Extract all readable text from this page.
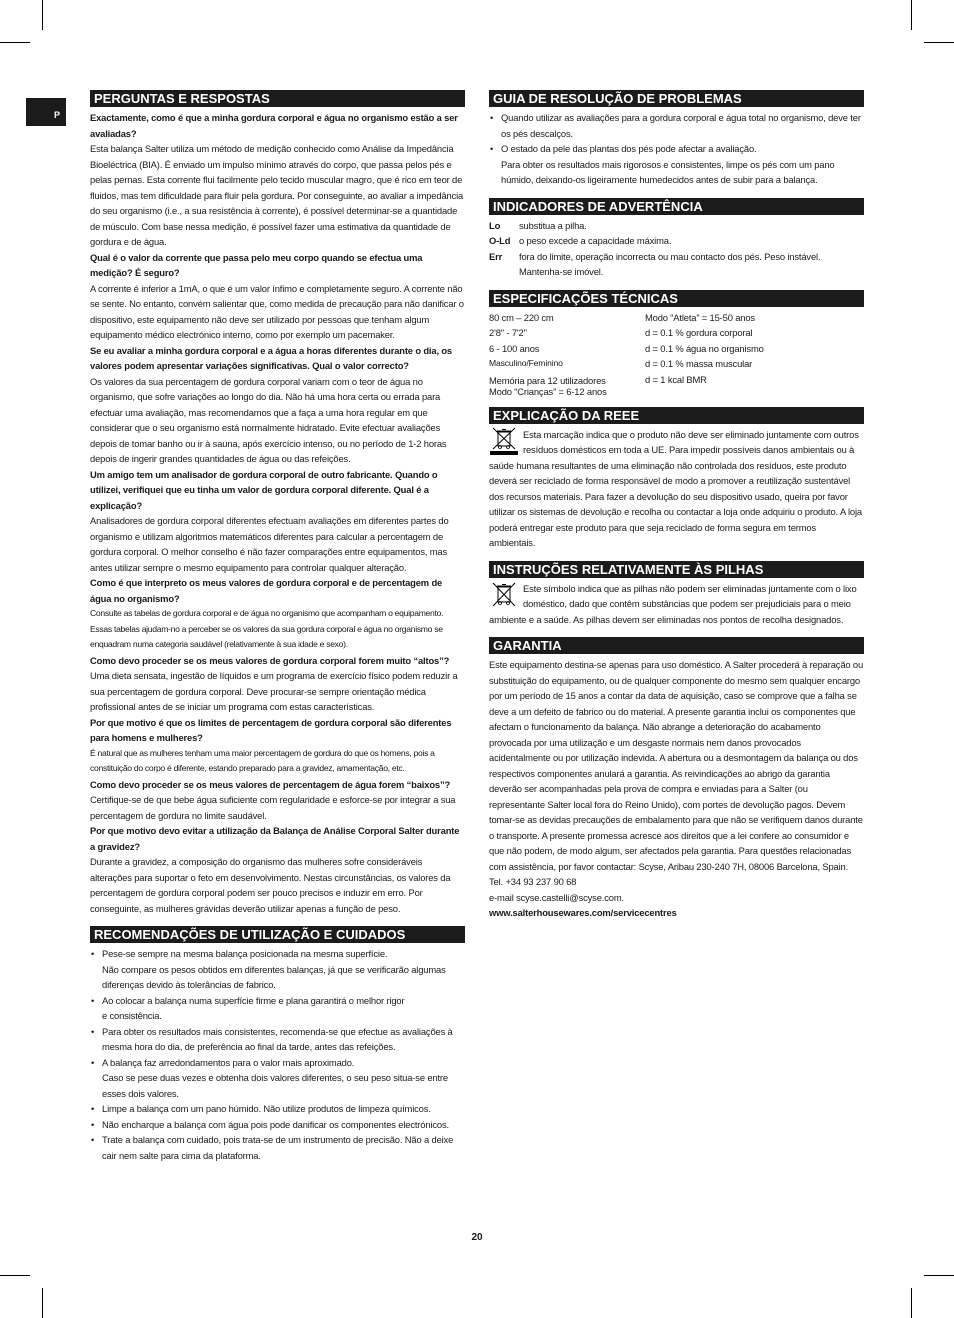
P
PERGUNTAS E RESPOSTAS

Exactamente, como é que a minha gordura corporal e água no organismo estão a ser avaliadas?

Esta balança Salter utiliza um método de medição conhecido como Análise da Impedância Bioeléctrica (BIA). É enviado um impulso mínimo através do corpo, que passa pelos pés e pelas pernas. Esta corrente flui facilmente pelo tecido muscular magro, que é rico em teor de fluidos, mas tem dificuldade para fluir pela gordura. Por conseguinte, ao avaliar a impedância do seu organismo (i.e., a sua resistência à corrente), é possível determinar-se a quantidade de músculo. Com base nessa medição, é possível fazer uma estimativa da quantidade de gordura e de água.

Qual é o valor da corrente que passa pelo meu corpo quando se efectua uma medição? É seguro?

A corrente é inferior a 1mA, o que é um valor ínfimo e completamente seguro. A corrente não se sente. No entanto, convém salientar que, como medida de precaução para não danificar o dispositivo, este equipamento não deve ser utilizado por pessoas que tenham algum equipamento médico electrónico interno, como por exemplo um pacemaker.

Se eu avaliar a minha gordura corporal e a água a horas diferentes durante o dia, os valores podem apresentar variações significativas. Qual o valor correcto?

Os valores da sua percentagem de gordura corporal variam com o teor de água no organismo, que sofre variações ao longo do dia. Não há uma hora certa ou errada para efectuar uma avaliação, mas recomendamos que a faça a uma hora regular em que considerar que o seu organismo está normalmente hidratado. Evite efectuar avaliações depois de tomar banho ou ir à sauna, após exercício intenso, ou no período de 1-2 horas depois de ingerir grandes quantidades de água ou das refeições.

Um amigo tem um analisador de gordura corporal de outro fabricante. Quando o utilizei, verifiquei que eu tinha um valor de gordura corporal diferente. Qual é a explicação?

Analisadores de gordura corporal diferentes efectuam avaliações em diferentes partes do organismo e utilizam algoritmos matemáticos diferentes para calcular a percentagem de gordura corporal. O melhor conselho é não fazer comparações entre equipamentos, mas antes utilizar sempre o mesmo equipamento para controlar qualquer alteração.

Como é que interpreto os meus valores de gordura corporal e de percentagem de água no organismo?

Consulte as tabelas de gordura corporal e de água no organismo que acompanham o equipamento. Essas tabelas ajudam-no a perceber se os valores da sua gordura corporal e água no organismo se enquadram numa categoria saudável (relativamente à sua idade e sexo).

Como devo proceder se os meus valores de gordura corporal forem muito “altos”?

Uma dieta sensata, ingestão de líquidos e um programa de exercício físico podem reduzir a sua percentagem de gordura corporal. Deve procurar-se sempre orientação médica profissional antes de se iniciar um programa com estas características.

Por que motivo é que os limites de percentagem de gordura corporal são diferentes para homens e mulheres?

É natural que as mulheres tenham uma maior percentagem de gordura do que os homens, pois a constituição do corpo é diferente, estando preparado para a gravidez, amamentação, etc.

Como devo proceder se os meus valores de percentagem de água forem “baixos”?

Certifique-se de que bebe água suficiente com regularidade e esforce-se por integrar a sua percentagem de gordura no limite saudável.

Por que motivo devo evitar a utilização da Balança de Análise Corporal Salter durante a gravidez?

Durante a gravidez, a composição do organismo das mulheres sofre consideráveis alterações para suportar o feto em desenvolvimento. Nestas circunstâncias, os valores da percentagem de gordura corporal podem ser pouco precisos e induzir em erro. Por conseguinte, as mulheres grávidas deverão utilizar apenas a função de peso.

RECOMENDAÇÕES DE UTILIZAÇÃO E CUIDADOS
• Pese-se sempre na mesma balança posicionada na mesma superfície.
Não compare os pesos obtidos em diferentes balanças, já que se verificarão algumas diferenças devido às tolerâncias de fabrico.
• Ao colocar a balança numa superfície firme e plana garantirá o melhor rigor
e consistência.
• Para obter os resultados mais consistentes, recomenda-se que efectue as avaliações à mesma hora do dia, de preferência ao final da tarde, antes das refeições.
• A balança faz arredondamentos para o valor mais aproximado.
Caso se pese duas vezes e obtenha dois valores diferentes, o seu peso situa-se entre esses dois valores.
• Limpe a balança com um pano húmido. Não utilize produtos de limpeza químicos.
• Não encharque a balança com água pois pode danificar os componentes electrónicos.
• Trate a balança com cuidado, pois trata-se de um instrumento de precisão. Não a deixe cair nem salte para cima da plataforma.
GUIA DE RESOLUÇÃO DE PROBLEMAS
• Quando utilizar as avaliações para a gordura corporal e água total no organismo, deve ter os pés descalços.
• O estado da pele das plantas dos pés pode afectar a avaliação.
Para obter os resultados mais rigorosos e consistentes, limpe os pés com um pano húmido, deixando-os ligeiramente humedecidos antes de subir para a balança.
INDICADORES DE ADVERTÊNCIA
Lo	substitua a pilha.
O-Ld o peso excede a capacidade máxima.
Err	fora do limite, operação incorrecta ou mau contacto dos pés. Peso instável. Mantenha-se imóvel.
ESPECIFICAÇÕES TÉCNICAS
80 cm – 220 cm
2'8" - 7'2"
6 - 100 anos
Masculino/Feminino
Memória para 12 utilizadores
Modo “Crianças” = 6-12 anos
Modo “Atleta” = 15-50 anos
d = 0.1 % gordura corporal
d = 0.1 % água no organismo
d = 0.1 % massa muscular
d = 1 kcal BMR
EXPLICAÇÃO DA REEE

Esta marcação indica que o produto não deve ser eliminado juntamente com outros resíduos domésticos em toda a UE. Para impedir possíveis danos ambientais ou à saúde humana resultantes de uma eliminação não controlada dos resíduos, este produto deverá ser reciclado de forma responsável de modo a promover a reutilização sustentável dos recursos materiais. Para fazer a devolução do seu dispositivo usado, queira por favor utilizar os sistemas de devolução e recolha ou contactar a loja onde adquiriu o produto. A loja poderá entregar este produto para que seja reciclado de forma segura em termos ambientais.

INSTRUÇÕES RELATIVAMENTE ÀS PILHAS

Este símbolo indica que as pilhas não podem ser eliminadas juntamente com o lixo doméstico, dado que contêm substâncias que podem ser prejudiciais para o meio ambiente e a saúde. As pilhas devem ser eliminadas nos pontos de recolha designados.

GARANTIA

Este equipamento destina-se apenas para uso doméstico. A Salter procederá à reparação ou substituição do equipamento, ou de qualquer componente do mesmo sem qualquer encargo por um período de 15 anos a contar da data de aquisição, caso se comprove que a falha se deve a um defeito de fabrico ou do material. A presente garantia inclui os componentes que afectam o funcionamento da balança. Não abrange a deterioração do acabamento provocada por uma utilização e um desgaste normais nem danos provocados acidentalmente ou por utilização indevida. A abertura ou a desmontagem da balança ou dos respectivos componentes anulará a garantia. As reivindicações ao abrigo da garantia deverão ser acompanhadas pela prova de compra e enviadas para a Salter (ou representante Salter local fora do Reino Unido), com portes de devolução pagos. Devem tomar-se as devidas precauções de embalamento para que não se verifiquem danos durante o transporte. A presente promessa acresce aos direitos que a lei confere ao consumidor e que não podem, de modo algum, ser afectados pela garantia. Para questões relacionadas com assistência, por favor contactar: Scyse, Aribau 230-240 7H, 08006 Barcelona, Spain. Tel. +34 93 237 90 68

e-mail scyse.castelli@scyse.com.

www.salterhousewares.com/servicecentres

20
